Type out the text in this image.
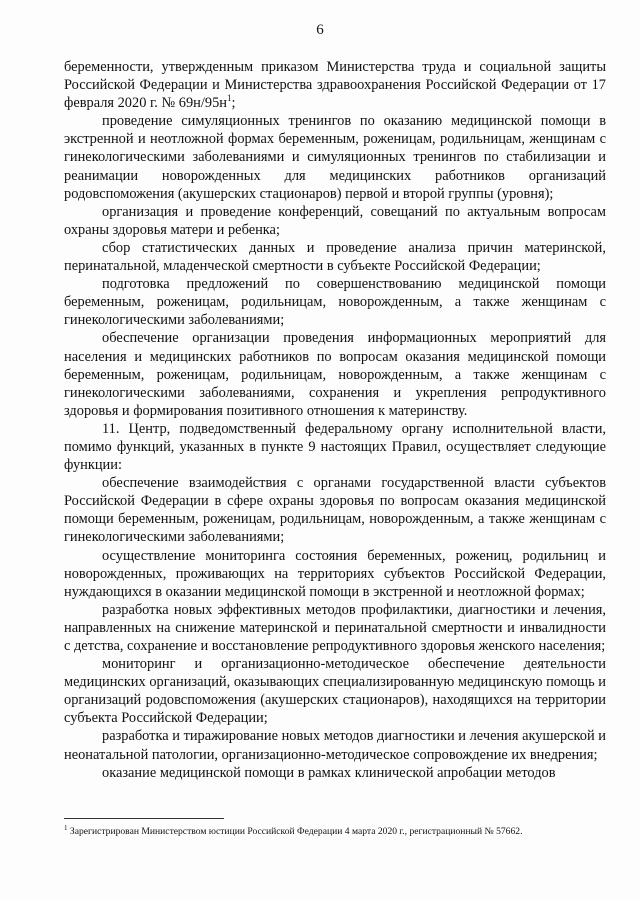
6

беременности, утвержденным приказом Министерства труда и социальной защиты Российской Федерации и Министерства здравоохранения Российской Федерации от 17 февраля 2020 г. № $69н/95н^1$;

проведение симуляционных тренингов по оказанию медицинской помощи в экстренной и неотложной формах беременным, роженицам, родильницам, женщинам с гинекологическими заболеваниями и симуляционных тренингов по стабилизации и реанимации новорожденных для медицинских работников организаций родовспоможения (акушерских стационаров) первой и второй группы (уровня);

организация и проведение конференций, совещаний по актуальным вопросам охраны здоровья матери и ребенка;

сбор статистических данных и проведение анализа причин материнской, перинатальной, младенческой смертности в субъекте Российской Федерации;

подготовка предложений по совершенствованию медицинской помощи беременным, роженицам, родильницам, новорожденным, а также женщинам с гинекологическими заболеваниями;

обеспечение организации проведения информационных мероприятий для населения и медицинских работников по вопросам оказания медицинской помощи беременным, роженицам, родильницам, новорожденным, а также женщинам с гинекологическими заболеваниями, сохранения и укрепления репродуктивного здоровья и формирования позитивного отношения к материнству.

11. Центр, подведомственный федеральному органу исполнительной власти, помимо функций, указанных в пункте 9 настоящих Правил, осуществляет следующие функции:

обеспечение взаимодействия с органами государственной власти субъектов Российской Федерации в сфере охраны здоровья по вопросам оказания медицинской помощи беременным, роженицам, родильницам, новорожденным, а также женщинам с гинекологическими заболеваниями;

осуществление мониторинга состояния беременных, рожениц, родильниц и новорожденных, проживающих на территориях субъектов Российской Федерации, нуждающихся в оказании медицинской помощи в экстренной и неотложной формах;

разработка новых эффективных методов профилактики, диагностики и лечения, направленных на снижение материнской и перинатальной смертности и инвалидности с детства, сохранение и восстановление репродуктивного здоровья женского населения;

мониторинг и организационно-методическое обеспечение деятельности медицинских организаций, оказывающих специализированную медицинскую помощь и организаций родовспоможения (акушерских стационаров), находящихся на территории субъекта Российской Федерации;

разработка и тиражирование новых методов диагностики и лечения акушерской и неонатальной патологии, организационно-методическое сопровождение их внедрения;

оказание медицинской помощи в рамках клинической апробации методов

$^1$ Зарегистрирован Министерством юстиции Российской Федерации 4 марта 2020 г., регистрационный № 57662.
